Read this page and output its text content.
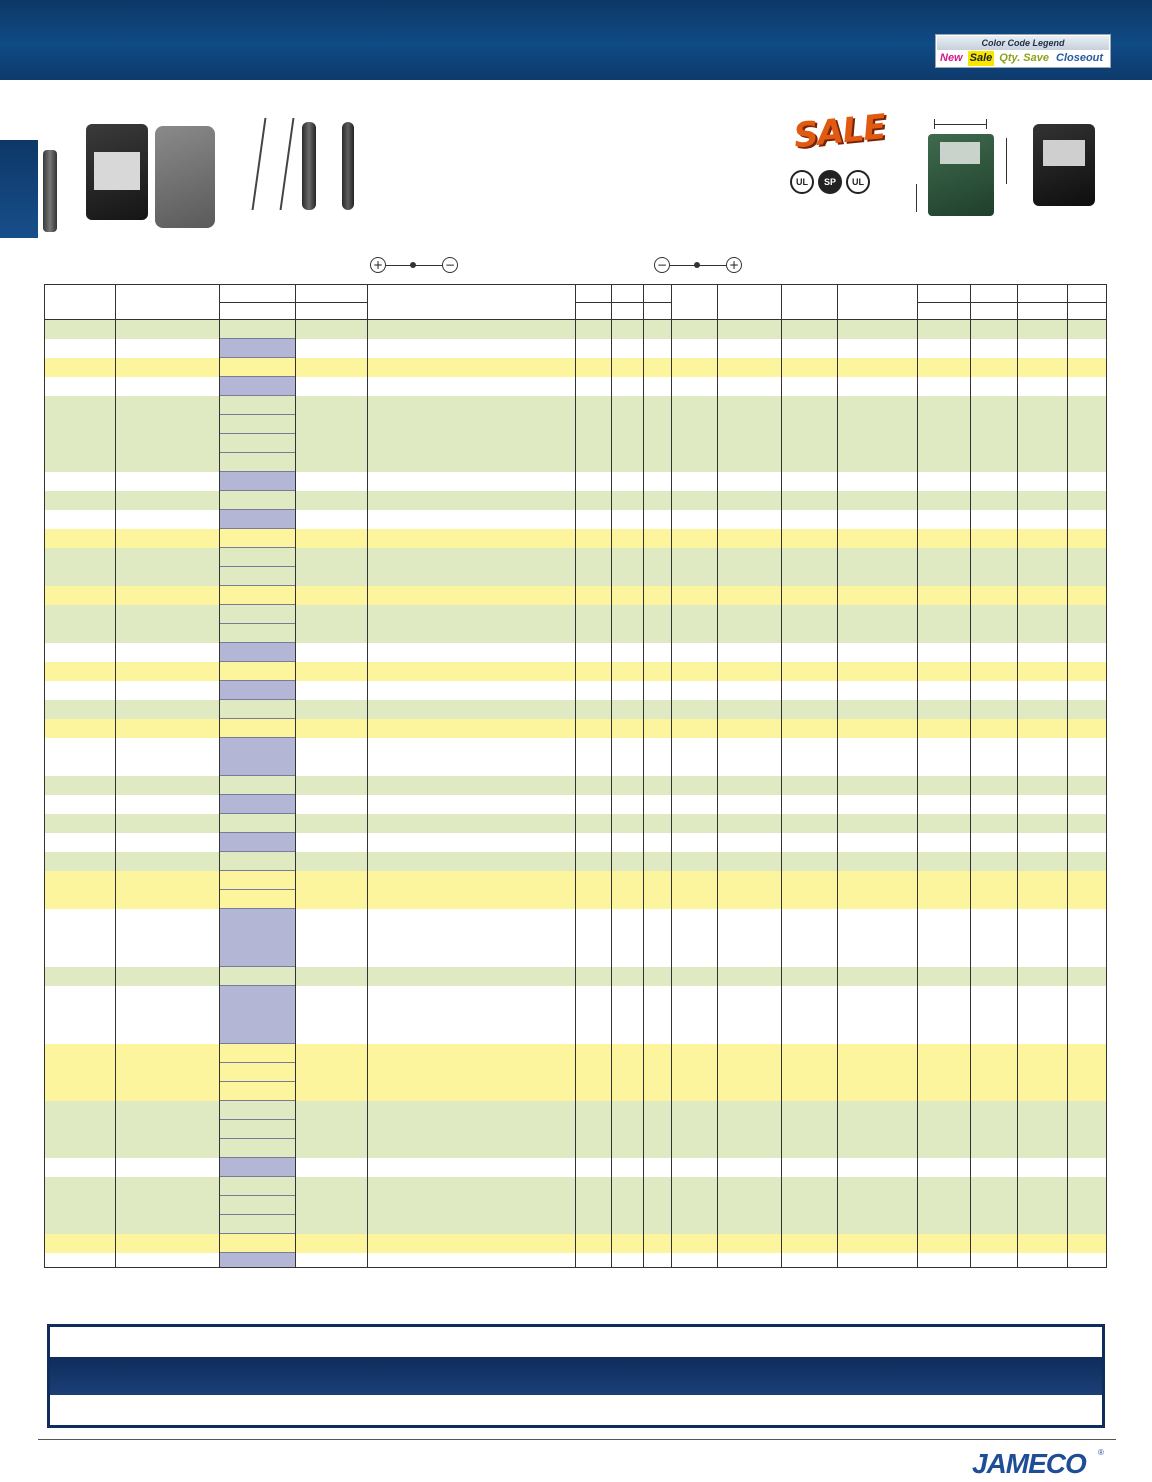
Color Code Legend
New Sale Qty. Save Closeout
SALE
UL	SP	UL
+	−	−	+
JAMECO	®
